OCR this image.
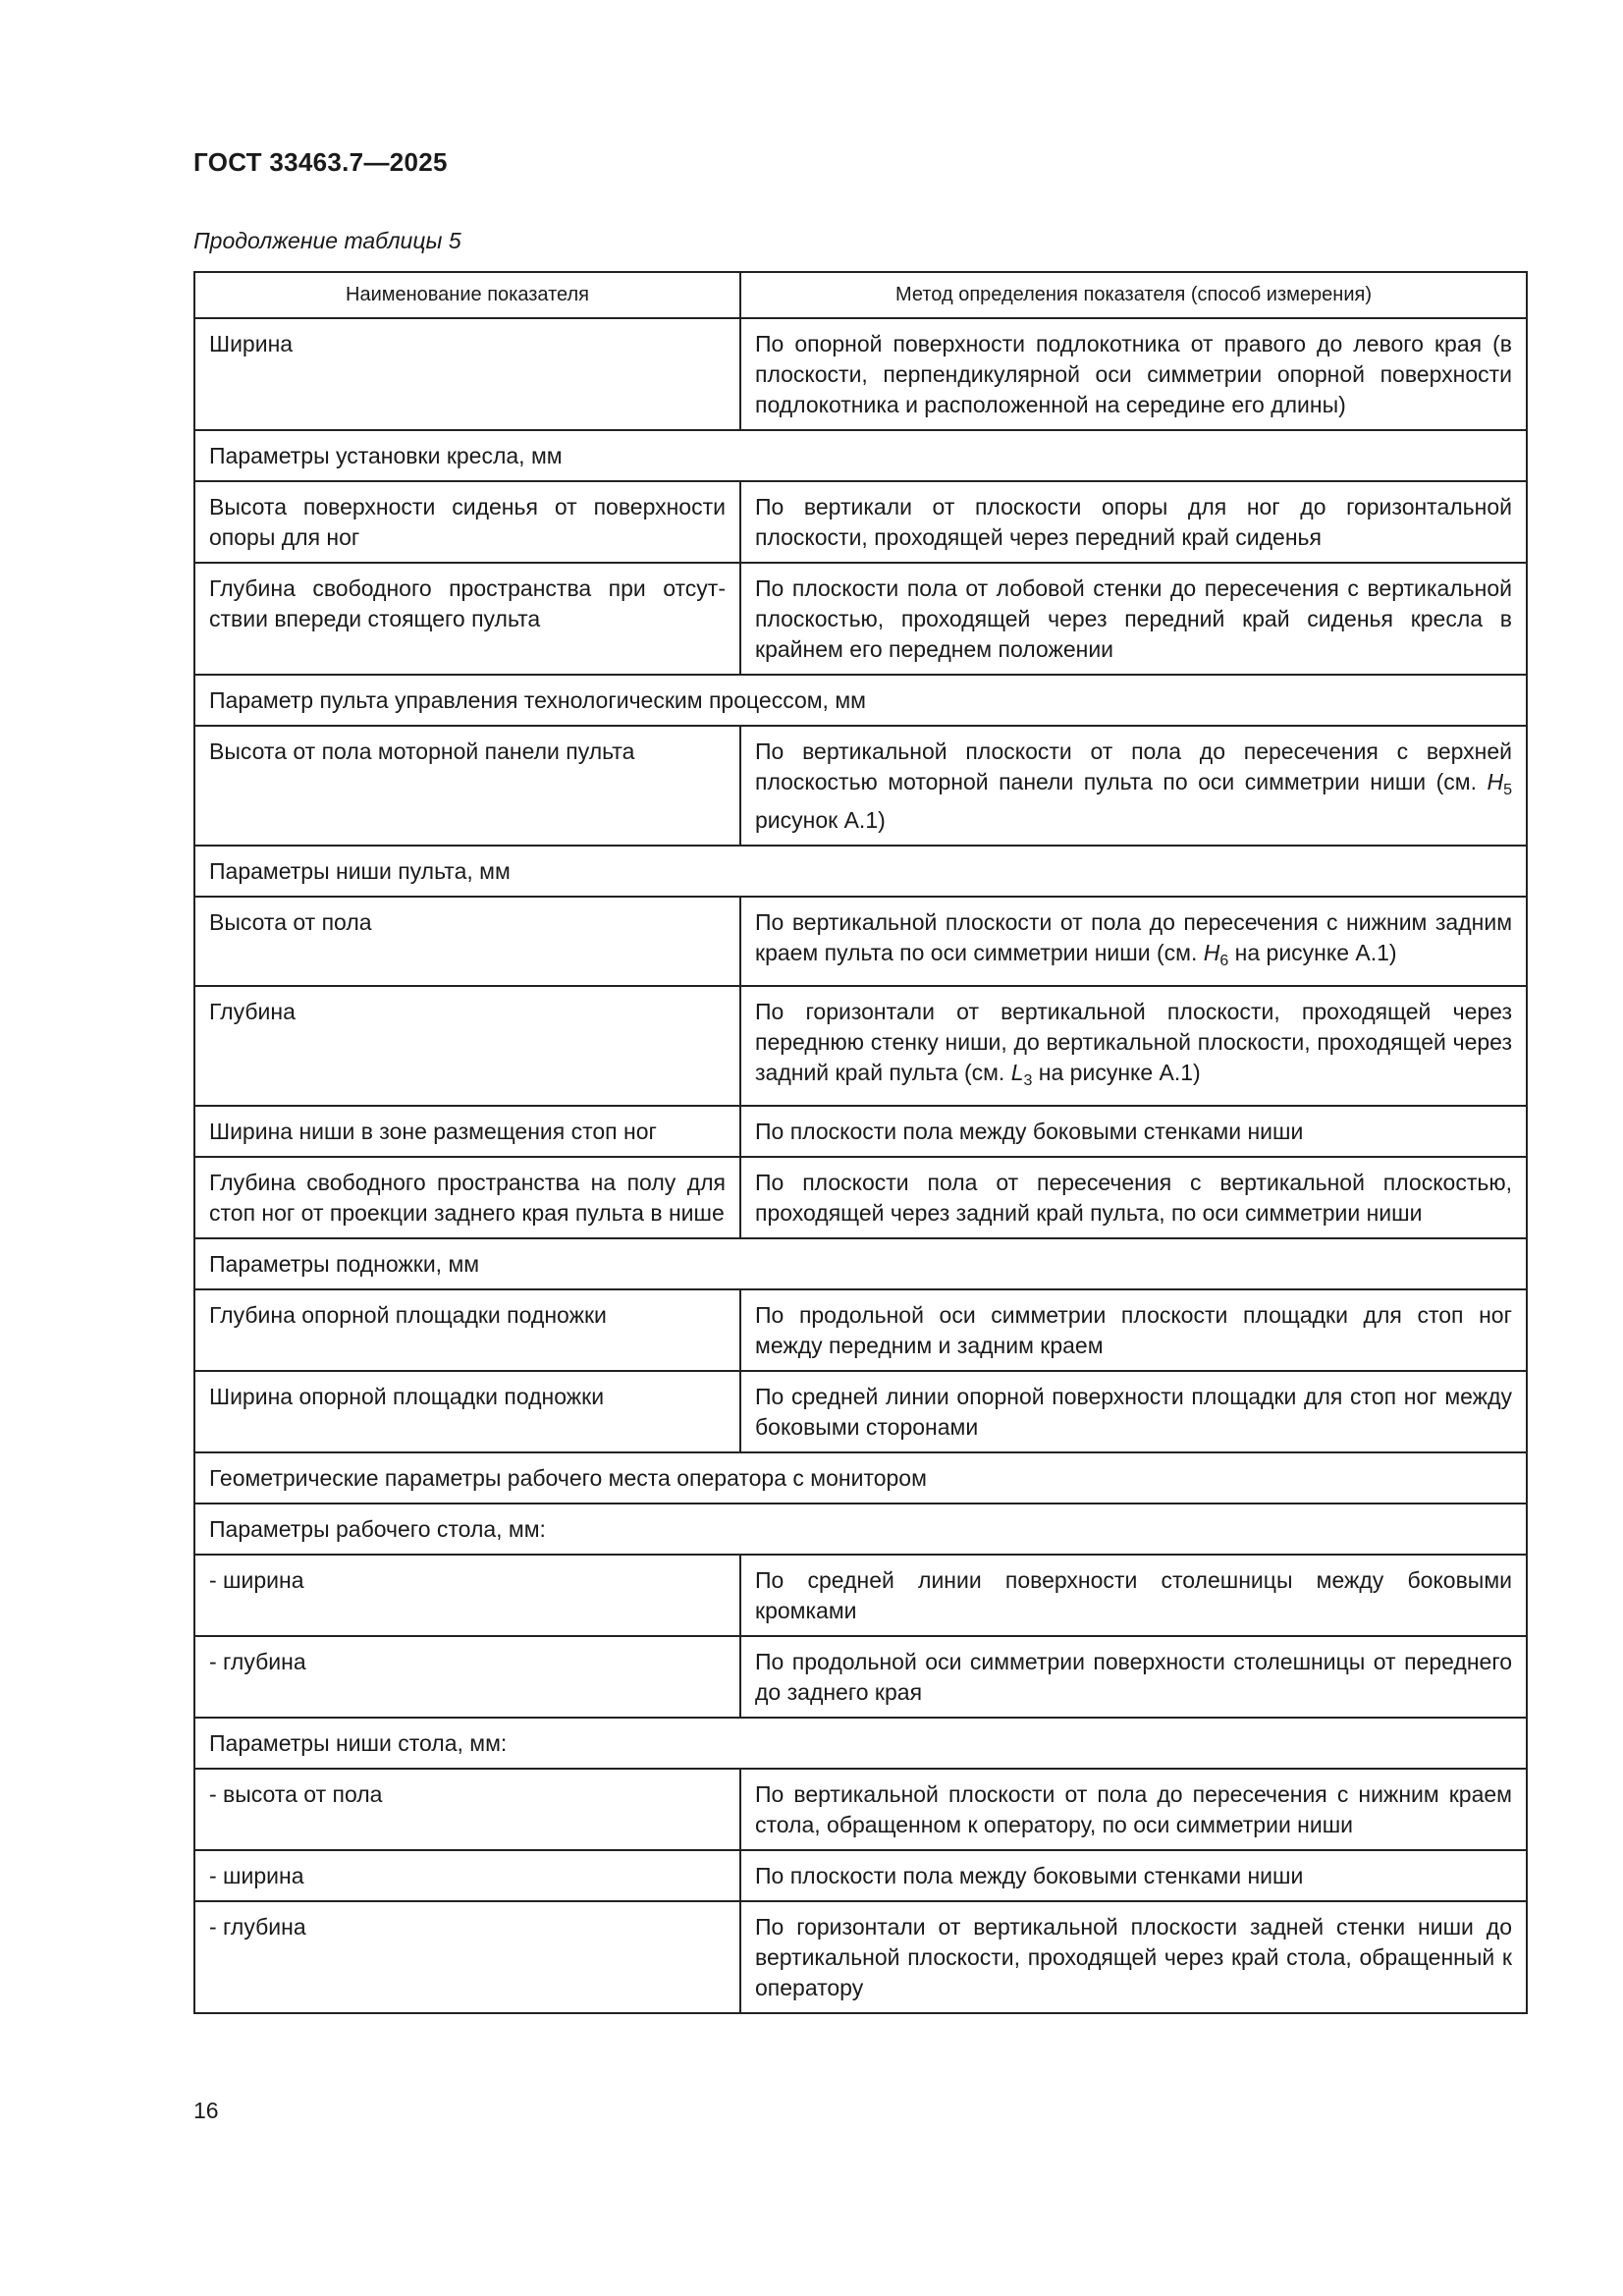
ГОСТ 33463.7—2025
Продолжение таблицы 5
Наименование показателя	Метод определения показателя (способ измерения)
Ширина	По опорной поверхности подлокотника от правого до левого края (в плоскости, перпендикулярной оси симметрии опорной поверхности подлокотника и расположенной на середине его длины)
Параметры установки кресла, мм	
Высота поверхности сиденья от поверхности опоры для ног	По вертикали от плоскости опоры для ног до горизонтальной плоскости, проходящей через передний край сиденья
Глубина свободного пространства при отсутствии впереди стоящего пульта	По плоскости пола от лобовой стенки до пересечения с вертикальной плоскостью, проходящей через передний край сиденья кресла в крайнем его переднем положении
Параметр пульта управления технологическим процессом, мм	
Высота от пола моторной панели пульта	По вертикальной плоскости от пола до пересечения с верхней плоскостью моторной панели пульта по оси симметрии ниши (см. $H_5$ рисунок А.1)
Параметры ниши пульта, мм	
Высота от пола	По вертикальной плоскости от пола до пересечения с нижним задним краем пульта по оси симметрии ниши (см. $H_6$ на рисунке А.1)
Глубина	По горизонтали от вертикальной плоскости, проходящей через переднюю стенку ниши, до вертикальной плоскости, проходящей через задний край пульта (см. $L_3$ на рисунке А.1)
Ширина ниши в зоне размещения стоп ног	По плоскости пола между боковыми стенками ниши
Глубина свободного пространства на полу для стоп ног от проекции заднего края пульта в нише	По плоскости пола от пересечения с вертикальной плоскостью, проходящей через задний край пульта, по оси симметрии ниши
Параметры подножки, мм	
Глубина опорной площадки подножки	По продольной оси симметрии плоскости площадки для стоп ног между передним и задним краем
Ширина опорной площадки подножки	По средней линии опорной поверхности площадки для стоп ног между боковыми сторонами
Геометрические параметры рабочего места оператора с монитором	
Параметры рабочего стола, мм:	
- ширина	По средней линии поверхности столешницы между боковыми кромками
- глубина	По продольной оси симметрии поверхности столешницы от переднего до заднего края
Параметры ниши стола, мм:	
- высота от пола	По вертикальной плоскости от пола до пересечения с нижним краем стола, обращенном к оператору, по оси симметрии ниши
- ширина	По плоскости пола между боковыми стенками ниши
- глубина	По горизонтали от вертикальной плоскости задней стенки ниши до вертикальной плоскости, проходящей через край стола, обращенный к оператору
16
